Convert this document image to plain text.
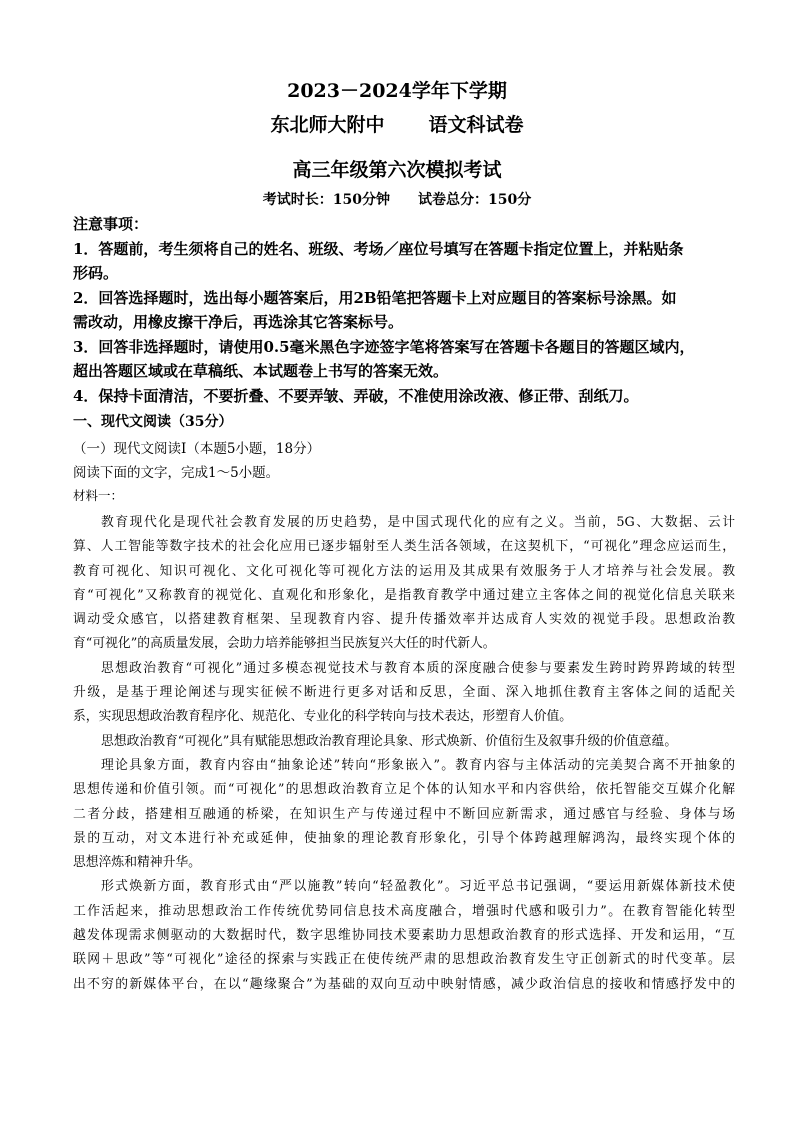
2023－2024学年下学期
东北师大附中 语文科试卷
高三年级第六次模拟考试
考试时长：150分钟 试卷总分：150分
注意事项：
1．答题前，考生须将自己的姓名、班级、考场／座位号填写在答题卡指定位置上，并粘贴条
形码。
2．回答选择题时，选出每小题答案后，用2B铅笔把答题卡上对应题目的答案标号涂黑。如
需改动，用橡皮擦干净后，再选涂其它答案标号。
3．回答非选择题时，请使用0.5毫米黑色字迹签字笔将答案写在答题卡各题目的答题区域内，
超出答题区域或在草稿纸、本试题卷上书写的答案无效。
4．保持卡面清洁，不要折叠、不要弄皱、弄破，不准使用涂改液、修正带、刮纸刀。
一、现代文阅读（35分）
（一）现代文阅读Ⅰ（本题5小题，18分）
阅读下面的文字，完成1～5小题。
材料一：
教育现代化是现代社会教育发展的历史趋势，是中国式现代化的应有之义。当前，5G、大数据、云计
算、人工智能等数字技术的社会化应用已逐步辐射至人类生活各领域，在这契机下，“可视化”理念应运而生，
教育可视化、知识可视化、文化可视化等可视化方法的运用及其成果有效服务于人才培养与社会发展。教
育“可视化”又称教育的视觉化、直观化和形象化，是指教育教学中通过建立主客体之间的视觉化信息关联来
调动受众感官，以搭建教育框架、呈现教育内容、提升传播效率并达成育人实效的视觉手段。思想政治教
育“可视化”的高质量发展，会助力培养能够担当民族复兴大任的时代新人。
思想政治教育“可视化”通过多模态视觉技术与教育本质的深度融合使参与要素发生跨时跨界跨域的转型
升级，是基于理论阐述与现实征候不断进行更多对话和反思，全面、深入地抓住教育主客体之间的适配关
系，实现思想政治教育程序化、规范化、专业化的科学转向与技术表达，形塑育人价值。
思想政治教育“可视化”具有赋能思想政治教育理论具象、形式焕新、价值衍生及叙事升级的价值意蕴。
理论具象方面，教育内容由“抽象论述”转向“形象嵌入”。教育内容与主体活动的完美契合离不开抽象的
思想传递和价值引领。而“可视化”的思想政治教育立足个体的认知水平和内容供给，依托智能交互媒介化解
二者分歧，搭建相互融通的桥梁，在知识生产与传递过程中不断回应新需求，通过感官与经验、身体与场
景的互动，对文本进行补充或延伸，使抽象的理论教育形象化，引导个体跨越理解鸿沟，最终实现个体的
思想淬炼和精神升华。
形式焕新方面，教育形式由“严以施教”转向“轻盈教化”。习近平总书记强调，“要运用新媒体新技术使
工作活起来，推动思想政治工作传统优势同信息技术高度融合，增强时代感和吸引力”。在教育智能化转型
越发体现需求侧驱动的大数据时代，数字思维协同技术要素助力思想政治教育的形式选择、开发和运用，“互
联网＋思政”等“可视化”途径的探索与实践正在使传统严肃的思想政治教育发生守正创新式的时代变革。层
出不穷的新媒体平台，在以“趣缘聚合”为基础的双向互动中映射情感，减少政治信息的接收和情感抒发中的
